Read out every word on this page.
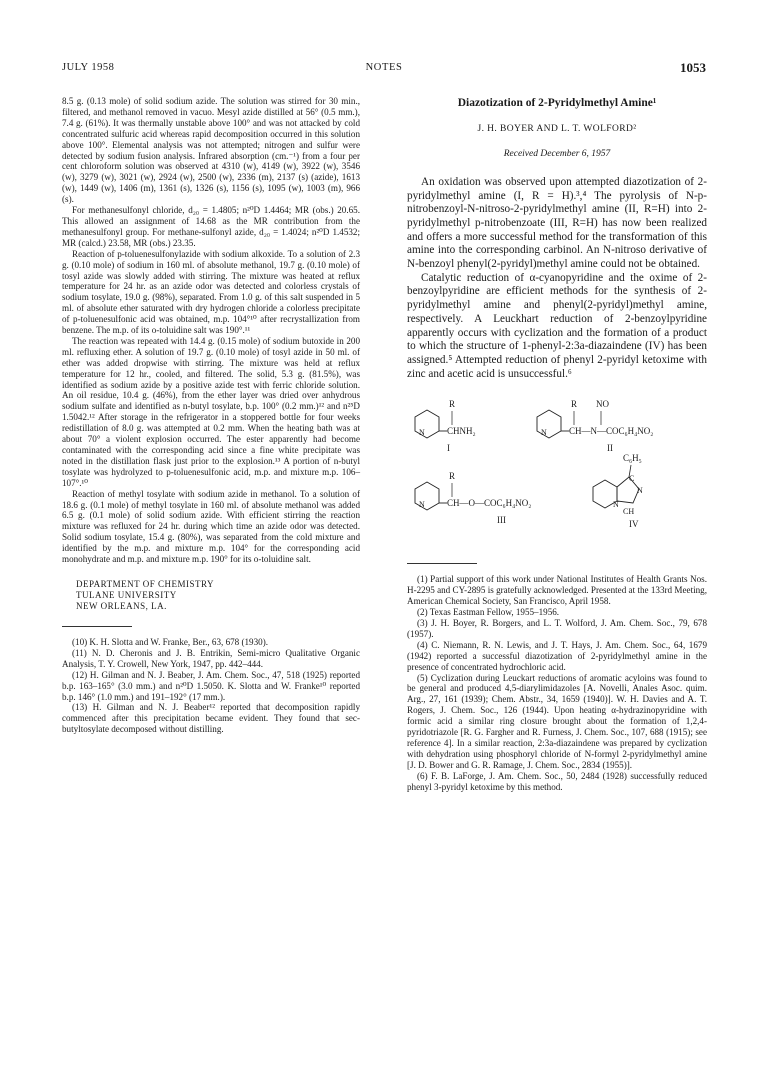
JULY 1958	NOTES	1053

8.5 g. (0.13 mole) of solid sodium azide. The solution was stirred for 30 min., filtered, and methanol removed in vacuo. Mesyl azide distilled at 56° (0.5 mm.), 7.4 g. (61%). It was thermally unstable above 100° and was not attacked by cold concentrated sulfuric acid whereas rapid decomposition occurred in this solution above 100°. Elemental analysis was not attempted; nitrogen and sulfur were detected by sodium fusion analysis. Infrared absorption (cm.⁻¹) from a four per cent chloroform solution was observed at 4310 (w), 4149 (w), 3922 (w), 3546 (w), 3279 (w), 3021 (w), 2924 (w), 2500 (w), 2336 (m), 2137 (s) (azide), 1613 (w), 1449 (w), 1406 (m), 1361 (s), 1326 (s), 1156 (s), 1095 (w), 1003 (m), 966 (s).

For methanesulfonyl chloride, d₂₀ = 1.4805; n²⁰D 1.4464; MR (obs.) 20.65. This allowed an assignment of 14.68 as the MR contribution from the methanesulfonyl group. For methane-sulfonyl azide, d₂₀ = 1.4024; n²⁰D 1.4532; MR (calcd.) 23.58, MR (obs.) 23.35.

Reaction of p-toluenesulfonylazide with sodium alkoxide. To a solution of 2.3 g. (0.10 mole) of sodium in 160 ml. of absolute methanol, 19.7 g. (0.10 mole) of tosyl azide was slowly added with stirring. The mixture was heated at reflux temperature for 24 hr. as an azide odor was detected and colorless crystals of sodium tosylate, 19.0 g. (98%), separated. From 1.0 g. of this salt suspended in 5 ml. of absolute ether saturated with dry hydrogen chloride a colorless precipitate of p-toluenesulfonic acid was obtained, m.p. 104°¹⁰ after recrystallization from benzene. The m.p. of its o-toluidine salt was 190°.¹¹

The reaction was repeated with 14.4 g. (0.15 mole) of sodium butoxide in 200 ml. refluxing ether. A solution of 19.7 g. (0.10 mole) of tosyl azide in 50 ml. of ether was added dropwise with stirring. The mixture was held at reflux temperature for 12 hr., cooled, and filtered. The solid, 5.3 g. (81.5%), was identified as sodium azide by a positive azide test with ferric chloride solution. An oil residue, 10.4 g. (46%), from the ether layer was dried over anhydrous sodium sulfate and identified as n-butyl tosylate, b.p. 100° (0.2 mm.)¹² and n²⁵D 1.5042.¹² After storage in the refrigerator in a stoppered bottle for four weeks redistillation of 8.0 g. was attempted at 0.2 mm. When the heating bath was at about 70° a violent explosion occurred. The ester apparently had become contaminated with the corresponding acid since a fine white precipitate was noted in the distillation flask just prior to the explosion.¹³ A portion of n-butyl tosylate was hydrolyzed to p-toluenesulfonic acid, m.p. and mixture m.p. 106–107°.¹⁰

Reaction of methyl tosylate with sodium azide in methanol. To a solution of 18.6 g. (0.1 mole) of methyl tosylate in 160 ml. of absolute methanol was added 6.5 g. (0.1 mole) of solid sodium azide. With efficient stirring the reaction mixture was refluxed for 24 hr. during which time an azide odor was detected. Solid sodium tosylate, 15.4 g. (80%), was separated from the cold mixture and identified by the m.p. and mixture m.p. 104° for the corresponding acid monohydrate and m.p. and mixture m.p. 190° for its o-toluidine salt.

DEPARTMENT OF CHEMISTRY
TULANE UNIVERSITY
NEW ORLEANS, LA.

(10) K. H. Slotta and W. Franke, Ber., 63, 678 (1930).

(11) N. D. Cheronis and J. B. Entrikin, Semi-micro Qualitative Organic Analysis, T. Y. Crowell, New York, 1947, pp. 442–444.

(12) H. Gilman and N. J. Beaber, J. Am. Chem. Soc., 47, 518 (1925) reported b.p. 163–165° (3.0 mm.) and n²⁰D 1.5050. K. Slotta and W. Franke¹⁰ reported b.p. 146° (1.0 mm.) and 191–192° (17 mm.).

(13) H. Gilman and N. J. Beaber¹² reported that decomposition rapidly commenced after this precipitation became evident. They found that sec-butyltosylate decomposed without distilling.

Diazotization of 2-Pyridylmethyl Amine¹
J. H. BOYER AND L. T. WOLFORD²
Received December 6, 1957

An oxidation was observed upon attempted diazotization of 2-pyridylmethyl amine (I, R = H).³,⁴ The pyrolysis of N-p-nitrobenzoyl-N-nitroso-2-pyridylmethyl amine (II, R=H) into 2-pyridylmethyl p-nitrobenzoate (III, R=H) has now been realized and offers a more successful method for the transformation of this amine into the corresponding carbinol. An N-nitroso derivative of N-benzoyl phenyl(2-pyridyl)methyl amine could not be obtained.

Catalytic reduction of α-cyanopyridine and the oxime of 2-benzoylpyridine are efficient methods for the synthesis of 2-pyridylmethyl amine and phenyl(2-pyridyl)methyl amine, respectively. A Leuckhart reduction of 2-benzoylpyridine apparently occurs with cyclization and the formation of a product to which the structure of 1-phenyl-2:3a-diazaindene (IV) has been assigned.⁵ Attempted reduction of phenyl 2-pyridyl ketoxime with zinc and acetic acid is unsuccessful.⁶

R
N CHNH₂
I
R NO
N CH—N—COC₆H₄NO₂
II
R
N CH—O—COC₆H₄NO₂
III
C₆H₅
C
N
N
CH
IV

(1) Partial support of this work under National Institutes of Health Grants Nos. H-2295 and CY-2895 is gratefully acknowledged. Presented at the 133rd Meeting, American Chemical Society, San Francisco, April 1958.

(2) Texas Eastman Fellow, 1955–1956.

(3) J. H. Boyer, R. Borgers, and L. T. Wolford, J. Am. Chem. Soc., 79, 678 (1957).

(4) C. Niemann, R. N. Lewis, and J. T. Hays, J. Am. Chem. Soc., 64, 1679 (1942) reported a successful diazotization of 2-pyridylmethyl amine in the presence of concentrated hydrochloric acid.

(5) Cyclization during Leuckart reductions of aromatic acyloins was found to be general and produced 4,5-diarylimidazoles [A. Novelli, Anales Asoc. quim. Arg., 27, 161 (1939); Chem. Abstr., 34, 1659 (1940)]. W. H. Davies and A. T. Rogers, J. Chem. Soc., 126 (1944). Upon heating α-hydrazinopyridine with formic acid a similar ring closure brought about the formation of 1,2,4-pyridotriazole [R. G. Fargher and R. Furness, J. Chem. Soc., 107, 688 (1915); see reference 4]. In a similar reaction, 2:3a-diazaindene was prepared by cyclization with dehydration using phosphoryl chloride of N-formyl 2-pyridylmethyl amine [J. D. Bower and G. R. Ramage, J. Chem. Soc., 2834 (1955)].

(6) F. B. LaForge, J. Am. Chem. Soc., 50, 2484 (1928) successfully reduced phenyl 3-pyridyl ketoxime by this method.
